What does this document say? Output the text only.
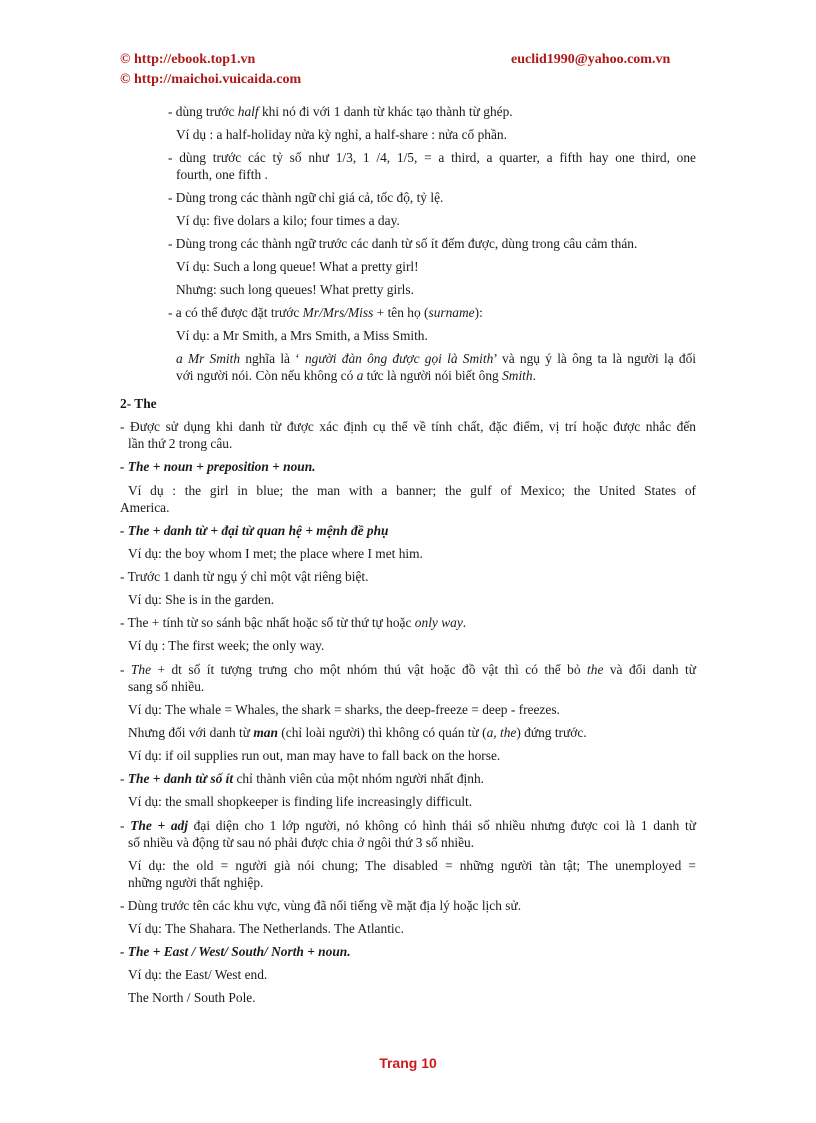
© http://ebook.top1.vn
© http://maichoi.vuicaida.com
euclid1990@yahoo.com.vn
- dùng trước half khi nó đi với 1 danh từ khác tạo thành từ ghép.
Ví dụ : a half-holiday nửa kỳ nghỉ, a half-share : nửa cổ phần.
- dùng trước các tỷ số như 1/3, 1 /4, 1/5, = a third, a quarter, a fifth hay one third, one
fourth, one fifth .
- Dùng trong các thành ngữ chỉ giá cả, tốc độ, tỷ lệ.
Ví dụ: five dolars a kilo; four times a day.
- Dùng trong các thành ngữ trước các danh từ số ít đếm được, dùng trong câu cảm thán.
Ví dụ: Such a long queue! What a pretty girl!
Nhưng: such long queues! What pretty girls.
- a có thể được đặt trước Mr/Mrs/Miss + tên họ (surname):
Ví dụ: a Mr Smith, a Mrs Smith, a Miss Smith.
a Mr Smith nghĩa là ‘ người đàn ông được gọi là Smith’ và ngụ ý là ông ta là người lạ đối
với người nói. Còn nếu không có a tức là người nói biết ông Smith.
2- The
- Được sử dụng khi danh từ được xác định cụ thể về tính chất, đặc điểm, vị trí hoặc được nhắc đến
lần thứ 2 trong câu.
- The + noun + preposition + noun.
Ví dụ : the girl in blue; the man with a banner; the gulf of Mexico; the United States of
America.
- The + danh từ + đại từ quan hệ + mệnh đề phụ
Ví dụ: the boy whom I met; the place where I met him.
- Trước 1 danh từ ngụ ý chỉ một vật riêng biệt.
Ví dụ: She is in the garden.
- The + tính từ so sánh bậc nhất hoặc số từ thứ tự hoặc only way.
Ví dụ : The first week; the only way.
- The + dt số ít tượng trưng cho một nhóm thú vật hoặc đồ vật thì có thể bỏ the và đổi danh từ
sang số nhiều.
Ví dụ: The whale = Whales, the shark = sharks, the deep-freeze = deep - freezes.
Nhưng đối với danh từ man (chỉ loài người) thì không có quán từ (a, the) đứng trước.
Ví dụ: if oil supplies run out, man may have to fall back on the horse.
- The + danh từ số ít chỉ thành viên của một nhóm người nhất định.
Ví dụ: the small shopkeeper is finding life increasingly difficult.
- The + adj đại diện cho 1 lớp người, nó không có hình thái số nhiều nhưng được coi là 1 danh từ
số nhiều và động từ sau nó phải được chia ở ngôi thứ 3 số nhiều.
Ví dụ: the old = người già nói chung; The disabled = những người tàn tật; The unemployed =
những người thất nghiệp.
- Dùng trước tên các khu vực, vùng đã nổi tiếng về mặt địa lý hoặc lịch sử.
Ví dụ: The Shahara. The Netherlands. The Atlantic.
- The + East / West/ South/ North + noun.
Ví dụ: the East/ West end.
The North / South Pole.
Trang 10
